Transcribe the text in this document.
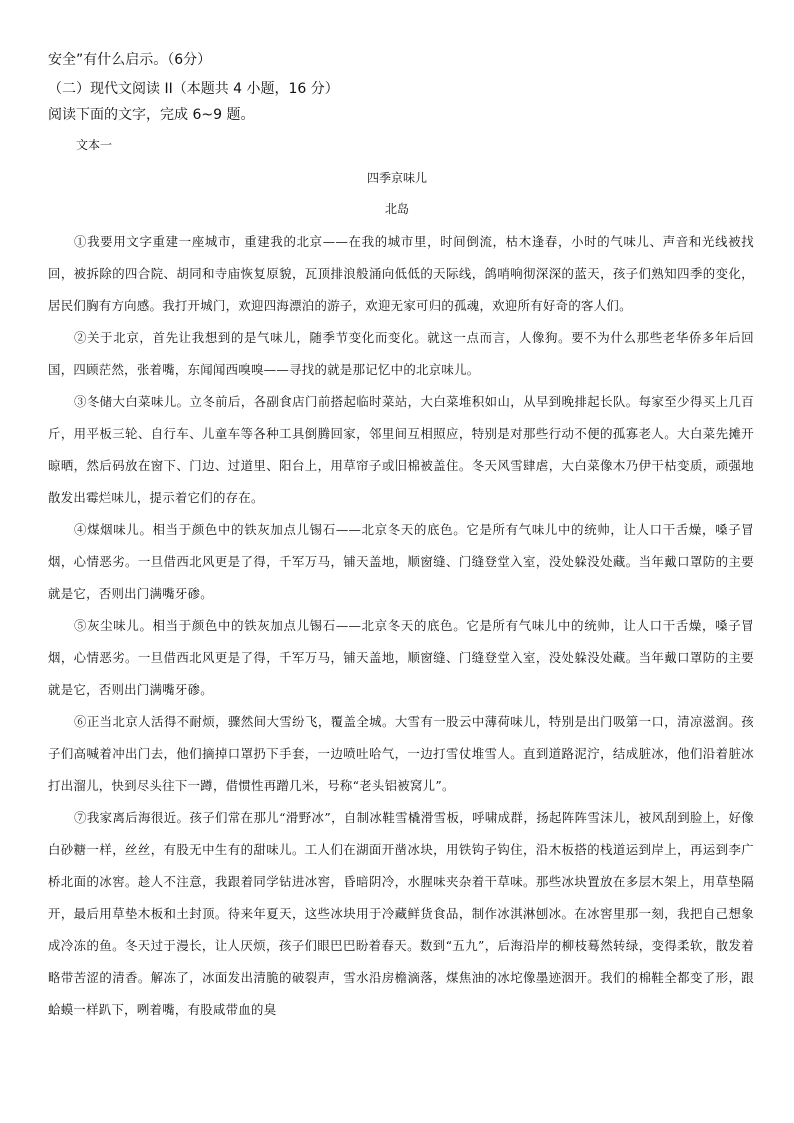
安全”有什么启示。（6分）
（二）现代文阅读 II（本题共 4 小题，16 分）
阅读下面的文字，完成 6~9 题。
文本一
四季京味儿
北岛

①我要用文字重建一座城市，重建我的北京——在我的城市里，时间倒流，枯木逢春，小时的气味儿、声音和光线被找回，被拆除的四合院、胡同和寺庙恢复原貌，瓦顶排浪般涌向低低的天际线，鸽哨响彻深深的蓝天，孩子们熟知四季的变化，居民们胸有方向感。我打开城门，欢迎四海漂泊的游子，欢迎无家可归的孤魂，欢迎所有好奇的客人们。

②关于北京，首先让我想到的是气味儿，随季节变化而变化。就这一点而言，人像狗。要不为什么那些老华侨多年后回国，四顾茫然，张着嘴，东闻闻西嗅嗅——寻找的就是那记忆中的北京味儿。

③冬储大白菜味儿。立冬前后，各副食店门前搭起临时菜站，大白菜堆积如山，从早到晚排起长队。每家至少得买上几百斤，用平板三轮、自行车、儿童车等各种工具倒腾回家，邻里间互相照应，特别是对那些行动不便的孤寡老人。大白菜先摊开晾晒，然后码放在窗下、门边、过道里、阳台上，用草帘子或旧棉被盖住。冬天风雪肆虐，大白菜像木乃伊干枯变质，顽强地散发出霉烂味儿，提示着它们的存在。

④煤烟味儿。相当于颜色中的铁灰加点儿锡石——北京冬天的底色。它是所有气味儿中的统帅，让人口干舌燥，嗓子冒烟，心情恶劣。一旦借西北风更是了得，千军万马，铺天盖地，顺窗缝、门缝登堂入室，没处躲没处藏。当年戴口罩防的主要就是它，否则出门满嘴牙碜。

⑤灰尘味儿。相当于颜色中的铁灰加点儿锡石——北京冬天的底色。它是所有气味儿中的统帅，让人口干舌燥，嗓子冒烟，心情恶劣。一旦借西北风更是了得，千军万马，铺天盖地，顺窗缝、门缝登堂入室，没处躲没处藏。当年戴口罩防的主要就是它，否则出门满嘴牙碜。

⑥正当北京人活得不耐烦，骤然间大雪纷飞，覆盖全城。大雪有一股云中薄荷味儿，特别是出门吸第一口，清凉滋润。孩子们高喊着冲出门去，他们摘掉口罩扔下手套，一边喷吐哈气，一边打雪仗堆雪人。直到道路泥泞，结成脏冰，他们沿着脏冰打出溜儿，快到尽头往下一蹲，借惯性再蹭几米，号称“老头铝被窝儿”。

⑦我家离后海很近。孩子们常在那儿“滑野冰”，自制冰鞋雪橇滑雪板，呼啸成群，扬起阵阵雪沫儿，被风刮到脸上，好像白砂糖一样，丝丝，有股无中生有的甜味儿。工人们在湖面开凿冰块，用铁钩子钩住，沿木板搭的栈道运到岸上，再运到李广桥北面的冰窖。趁人不注意，我跟着同学钻进冰窖，昏暗阴冷，水腥味夹杂着干草味。那些冰块置放在多层木架上，用草垫隔开，最后用草垫木板和土封顶。待来年夏天，这些冰块用于冷藏鲜货食品，制作冰淇淋刨冰。在冰窖里那一刻，我把自己想象成冷冻的鱼。冬天过于漫长，让人厌烦，孩子们眼巴巴盼着春天。数到“五九”，后海沿岸的柳枝蓦然转绿，变得柔软，散发着略带苦涩的清香。解冻了，冰面发出清脆的破裂声，雪水沿房檐滴落，煤焦油的冰坨像墨迹洇开。我们的棉鞋全都变了形，跟蛤蟆一样趴下，咧着嘴，有股咸带血的臭
